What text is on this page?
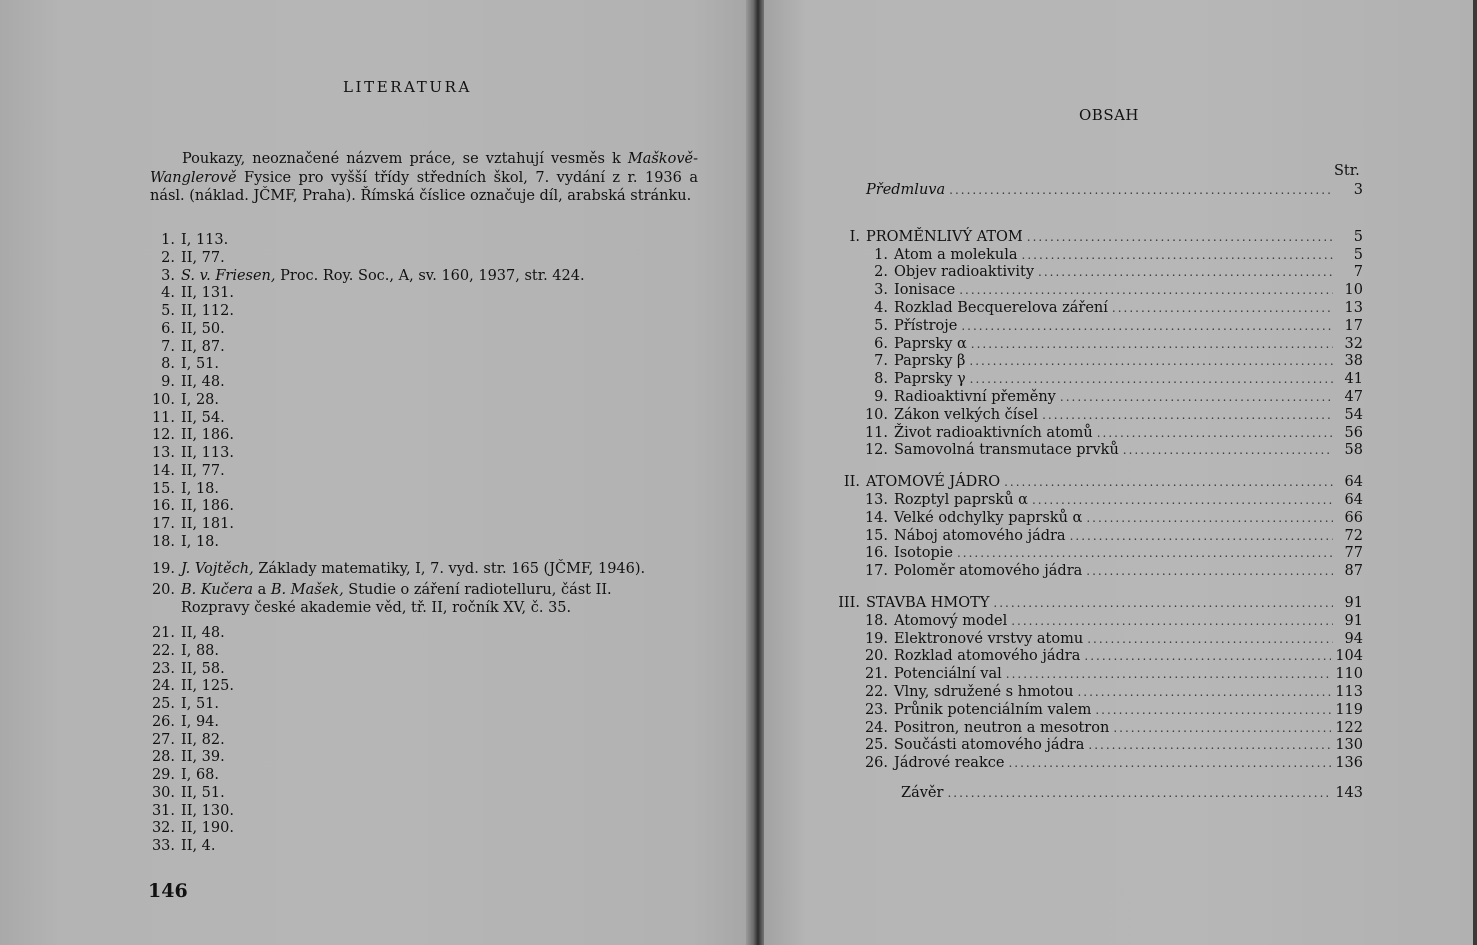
LITERATURA
Poukazy, neoznačené názvem práce, se vztahují vesměs k Maškově-Wanglerově Fysice pro vyšší třídy středních škol, 7. vydání z r. 1936 a násl. (náklad. JČMF, Praha). Římská číslice označuje díl, arabská stránku.
1. I, 113.
2. II, 77.
3. S. v. Friesen, Proc. Roy. Soc., A, sv. 160, 1937, str. 424.
4. II, 131.
5. II, 112.
6. II, 50.
7. II, 87.
8. I, 51.
9. II, 48.
10. I, 28.
11. II, 54.
12. II, 186.
13. II, 113.
14. II, 77.
15. I, 18.
16. II, 186.
17. II, 181.
18. I, 18.
19. J. Vojtěch, Základy matematiky, I, 7. vyd. str. 165 (JČMF, 1946).
20. B. Kučera a B. Mašek, Studie o záření radiotelluru, část II.
Rozpravy české akademie věd, tř. II, ročník XV, č. 35.
21. II, 48.
22. I, 88.
23. II, 58.
24. II, 125.
25. I, 51.
26. I, 94.
27. II, 82.
28. II, 39.
29. I, 68.
30. II, 51.
31. II, 130.
32. II, 190.
33. II, 4.
146
OBSAH
Str.
Předmluva .....	3
I. PROMĚNLIVÝ ATOM .....	5
1. Atom a molekula .....	5
2. Objev radioaktivity .....	7
3. Ionisace .....	10
4. Rozklad Becquerelova záření .....	13
5. Přístroje .....	17
6. Paprsky α .....	32
7. Paprsky β .....	38
8. Paprsky γ .....	41
9. Radioaktivní přeměny .....	47
10. Zákon velkých čísel .....	54
11. Život radioaktivních atomů .....	56
12. Samovolná transmutace prvků .....	58
II. ATOMOVÉ JÁDRO .....	64
13. Rozptyl paprsků α .....	64
14. Velké odchylky paprsků α .....	66
15. Náboj atomového jádra .....	72
16. Isotopie .....	77
17. Poloměr atomového jádra .....	87
III. STAVBA HMOTY .....	91
18. Atomový model .....	91
19. Elektronové vrstvy atomu .....	94
20. Rozklad atomového jádra .....	104
21. Potenciální val .....	110
22. Vlny, sdružené s hmotou .....	113
23. Průnik potenciálním valem .....	119
24. Positron, neutron a mesotron .....	122
25. Součásti atomového jádra .....	130
26. Jádrové reakce .....	136
Závěr .....	143
